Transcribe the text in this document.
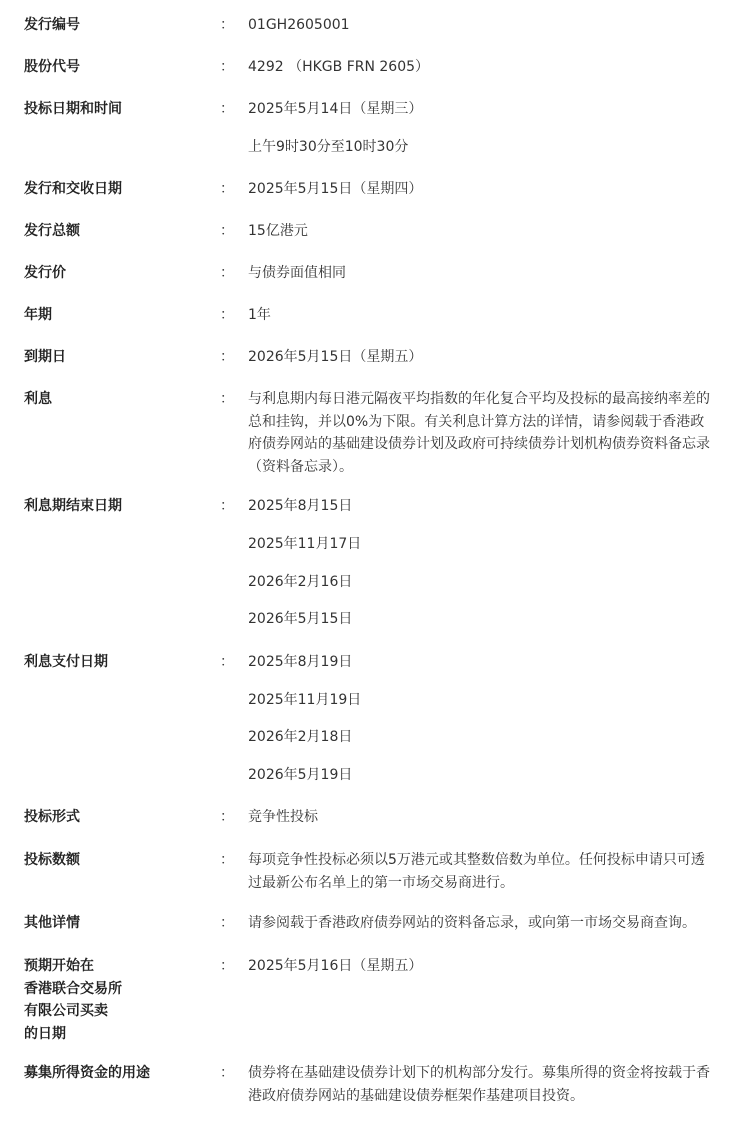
发行编号	： 01GH2605001
股份代号	： 4292 （HKGB FRN 2605）
投标日期和时间	： 2025年5月14日（星期三）
上午9时30分至10时30分
发行和交收日期	： 2025年5月15日（星期四）
发行总额	： 15亿港元
发行价	： 与债券面值相同
年期	： 1年
到期日	： 2026年5月15日（星期五）
利息	： 与利息期内每日港元隔夜平均指数的年化复合平均及投标的最高接纳率差的
总和挂钩，并以0%为下限。有关利息计算方法的详情，请参阅载于香港政
府债券网站的基础建设债券计划及政府可持续债券计划机构债券资料备忘录
（资料备忘录）。
利息期结束日期	： 2025年8月15日
2025年11月17日
2026年2月16日
2026年5月15日
利息支付日期	： 2025年8月19日
2025年11月19日
2026年2月18日
2026年5月19日
投标形式	： 竞争性投标
投标数额	： 每项竞争性投标必须以5万港元或其整数倍数为单位。任何投标申请只可透
过最新公布名单上的第一市场交易商进行。
其他详情	： 请参阅载于香港政府债券网站的资料备忘录，或向第一市场交易商查询。
预期开始在
香港联合交易所
有限公司买卖
的日期
： 2025年5月16日（星期五）
募集所得资金的用途	： 债券将在基础建设债券计划下的机构部分发行。募集所得的资金将按载于香
港政府债券网站的基础建设债券框架作基建项目投资。
